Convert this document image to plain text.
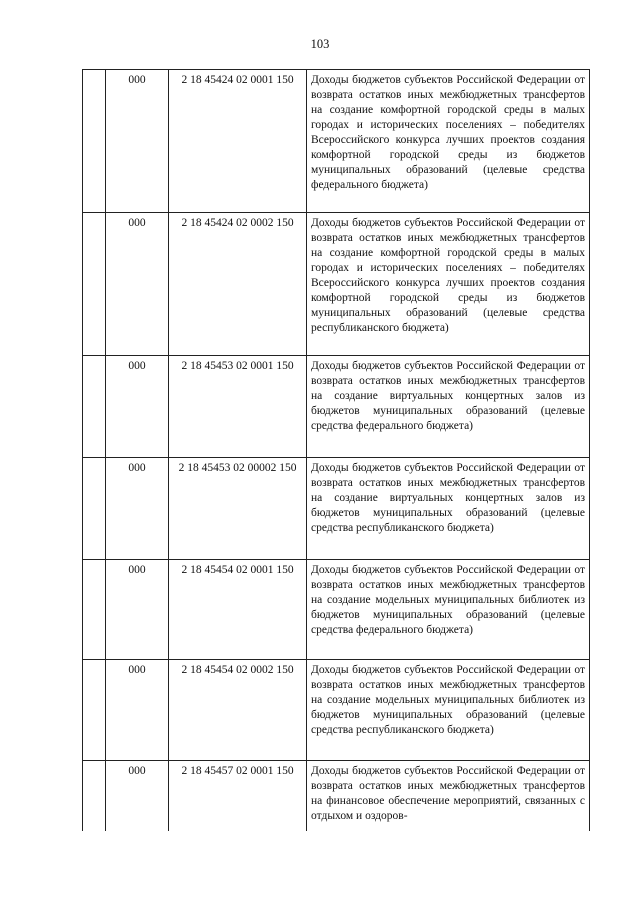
103
	000	2 18 45424 02 0001 150	Доходы бюджетов субъектов Российской Федерации от возврата остатков иных межбюджетных трансфертов на создание комфортной городской среды в малых городах и исторических поселениях – победителях Всероссийского конкурса лучших проектов создания комфортной городской среды из бюджетов муниципальных образований (целевые средства федерального бюджета)

	000	2 18 45424 02 0002 150	Доходы бюджетов субъектов Российской Федерации от возврата остатков иных межбюджетных трансфертов на создание комфортной городской среды в малых городах и исторических поселениях – победителях Всероссийского конкурса лучших проектов создания комфортной городской среды из бюджетов муниципальных образований (целевые средства республиканского бюджета)

	000	2 18 45453 02 0001 150	Доходы бюджетов субъектов Российской Федерации от возврата остатков иных межбюджетных трансфертов на создание виртуальных концертных залов из бюджетов муниципальных образований (целевые средства федерального бюджета)

	000	2 18 45453 02 00002 150	Доходы бюджетов субъектов Российской Федерации от возврата остатков иных межбюджетных трансфертов на создание виртуальных концертных залов из бюджетов муниципальных образований (целевые средства республиканского бюджета)

	000	2 18 45454 02 0001 150	Доходы бюджетов субъектов Российской Федерации от возврата остатков иных межбюджетных трансфертов на создание модельных муниципальных библиотек из бюджетов муниципальных образований (целевые средства федерального бюджета)

	000	2 18 45454 02 0002 150	Доходы бюджетов субъектов Российской Федерации от возврата остатков иных межбюджетных трансфертов на создание модельных муниципальных библиотек из бюджетов муниципальных образований (целевые средства республиканского бюджета)

	000	2 18 45457 02 0001 150	Доходы бюджетов субъектов Российской Федерации от возврата остатков иных межбюджетных трансфертов на финансовое обеспечение мероприятий, связанных с отдыхом и оздоров-
